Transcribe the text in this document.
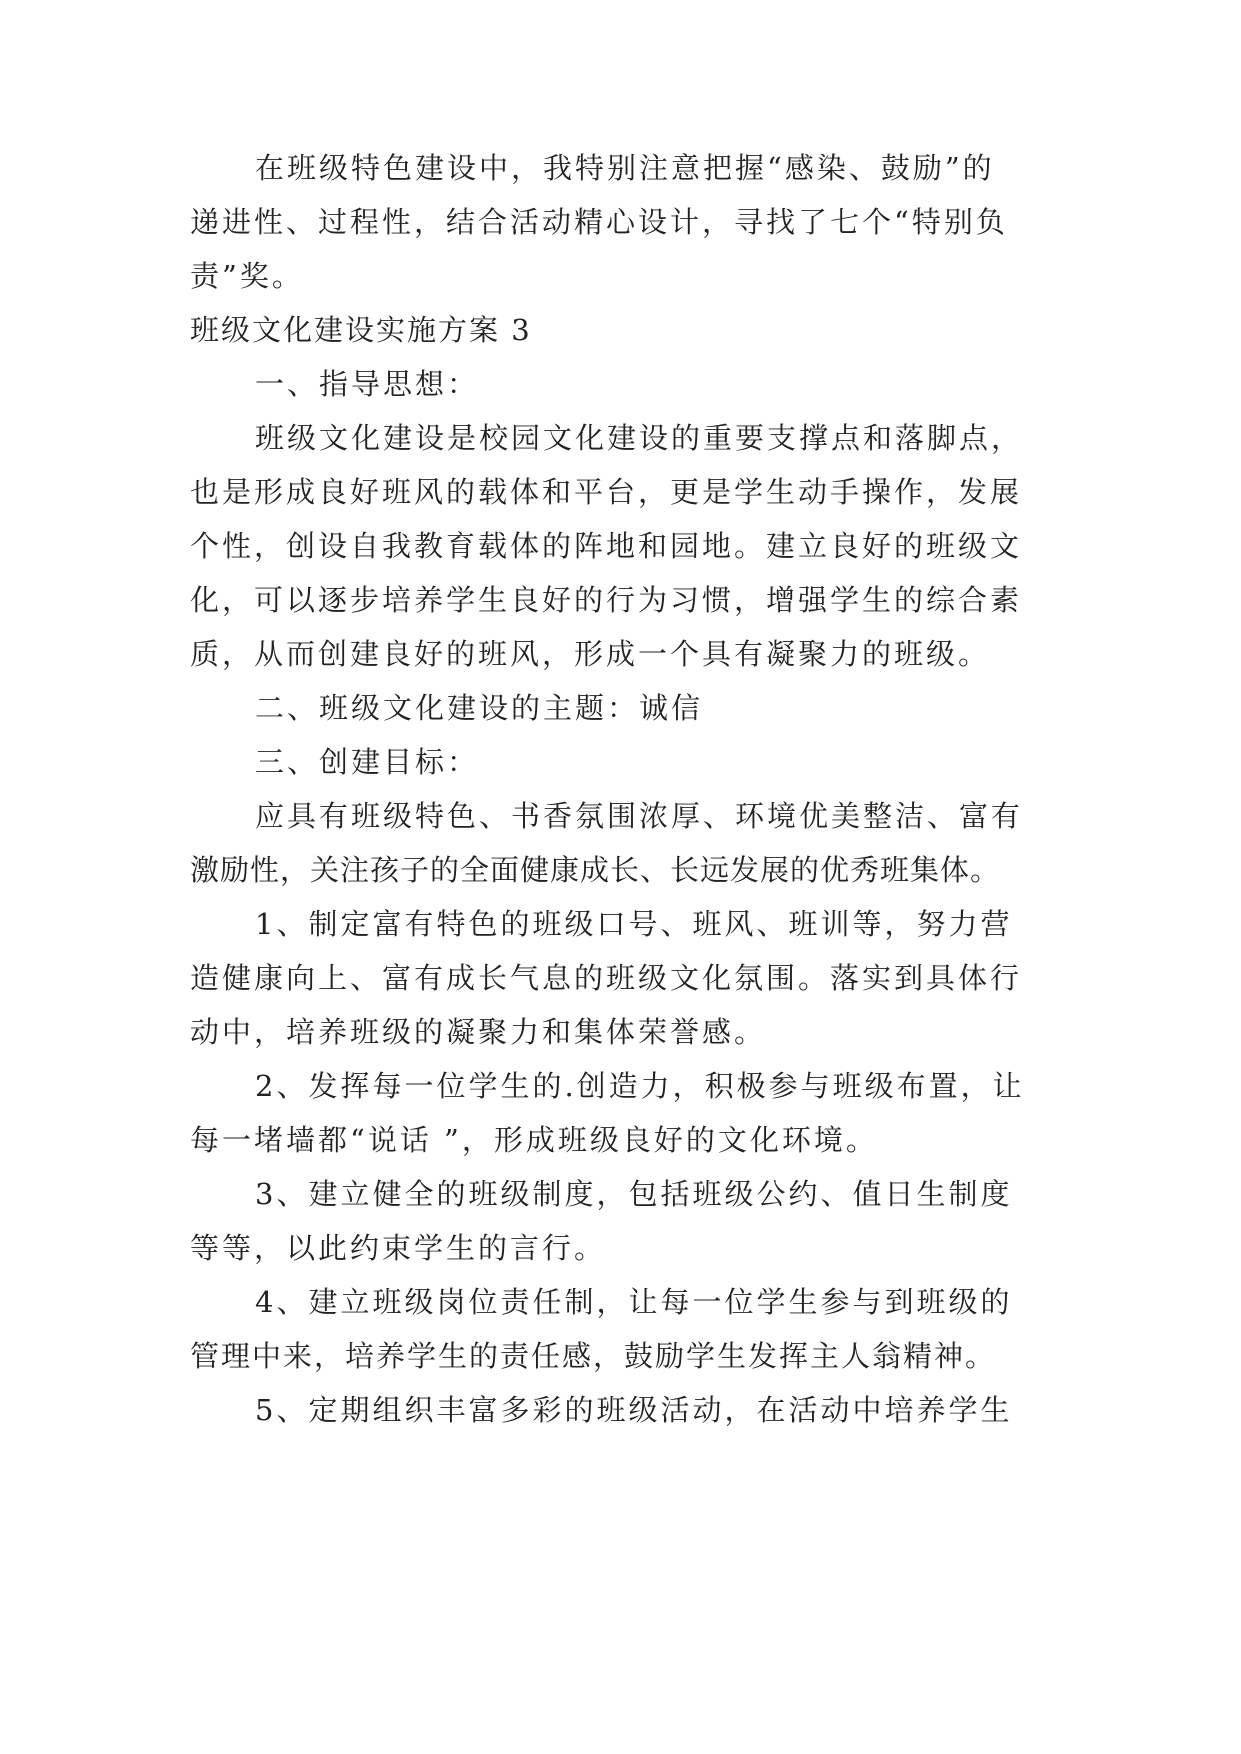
在班级特色建设中，我特别注意把握“感染、鼓励”的
递进性、过程性，结合活动精心设计，寻找了七个“特别负
责”奖。
班级文化建设实施方案 3
一、指导思想：
班级文化建设是校园文化建设的重要支撑点和落脚点，
也是形成良好班风的载体和平台，更是学生动手操作，发展
个性，创设自我教育载体的阵地和园地。建立良好的班级文
化，可以逐步培养学生良好的行为习惯，增强学生的综合素
质，从而创建良好的班风，形成一个具有凝聚力的班级。
二、班级文化建设的主题：诚信
三、创建目标：
应具有班级特色、书香氛围浓厚、环境优美整洁、富有
激励性，关注孩子的全面健康成长、长远发展的优秀班集体。
1、制定富有特色的班级口号、班风、班训等，努力营
造健康向上、富有成长气息的班级文化氛围。落实到具体行
动中，培养班级的凝聚力和集体荣誉感。
2、发挥每一位学生的.创造力，积极参与班级布置，让
每一堵墙都“说话 ”，形成班级良好的文化环境。
3、建立健全的班级制度，包括班级公约、值日生制度
等等，以此约束学生的言行。
4、建立班级岗位责任制，让每一位学生参与到班级的
管理中来，培养学生的责任感，鼓励学生发挥主人翁精神。
5、定期组织丰富多彩的班级活动，在活动中培养学生
